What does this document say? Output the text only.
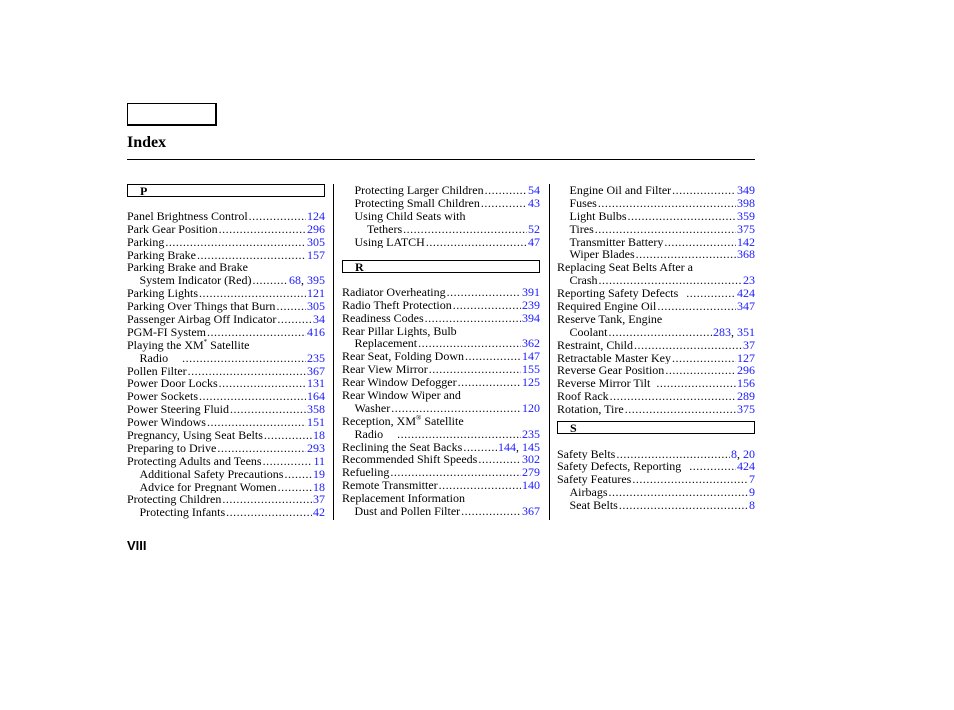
Index
P
Panel Brightness Control .....	124
Park Gear Position .....	296
Parking .....	305
Parking Brake .....	157
Parking Brake and Brake
System Indicator (Red) .....	68 , 395
Parking Lights .....	121
Parking Over Things that Burn .....	305
Passenger Airbag Off Indicator .....	34
PGM-FI System .....	416
Playing the XM* Satellite
Radio .....	235
Pollen Filter .....	367
Power Door Locks .....	131
Power Sockets .....	164
Power Steering Fluid .....	358
Power Windows .....	151
Pregnancy, Using Seat Belts .....	18
Preparing to Drive .....	293
Protecting Adults and Teens .....	11
Additional Safety Precautions ..... 19
Advice for Pregnant Women .....	18
Protecting Children .....	37
Protecting Infants .....	42
Protecting Larger Children .....	54
Protecting Small Children .....	43
Using Child Seats with
Tethers .....	52
Using LATCH .....	47
R
Radiator Overheating .....	391
Radio Theft Protection .....	239
Readiness Codes .....	394
Rear Pillar Lights, Bulb
Replacement .....	362
Rear Seat, Folding Down .....	147
Rear View Mirror .....	155
Rear Window Defogger .....	125
Rear Window Wiper and
Washer .....	120
Reception, XM® Satellite
Radio .....	235
Reclining the Seat Backs .....	144 , 145
Recommended Shift Speeds .....	302
Refueling .....	279
Remote Transmitter .....	140
Replacement Information
Dust and Pollen Filter .....	367
Engine Oil and Filter .....	349
Fuses .....	398
Light Bulbs .....	359
Tires .....	375
Transmitter Battery .....	142
Wiper Blades .....	368
Replacing Seat Belts After a
Crash .....	23
Reporting Safety Defects .....	424
Required Engine Oil .....	347
Reserve Tank, Engine
Coolant .....	283 , 351
Restraint, Child .....	37
Retractable Master Key .....	127
Reverse Gear Position .....	296
Reverse Mirror Tilt .....	156
Roof Rack .....	289
Rotation, Tire .....	375
S
Safety Belts .....	8 , 20
Safety Defects, Reporting .....	424
Safety Features .....	7
Airbags .....	9
Seat Belts .....	8
VIII
